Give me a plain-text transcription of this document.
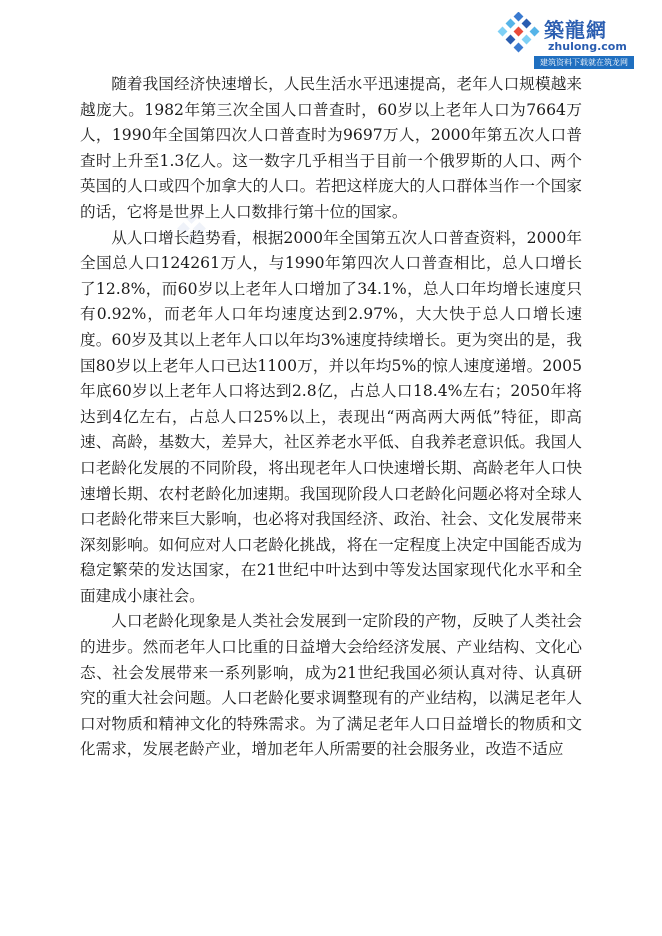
築龍網
zhulong.com
建筑资料下载就在筑龙网

随着我国经济快速增长，人民生活水平迅速提高，老年人口规模越来越庞大。1982年第三次全国人口普查时，60岁以上老年人口为7664万人，1990年全国第四次人口普查时为9697万人，2000年第五次人口普查时上升至1.3亿人。这一数字几乎相当于目前一个俄罗斯的人口、两个英国的人口或四个加拿大的人口。若把这样庞大的人口群体当作一个国家的话，它将是世界上人口数排行第十位的国家。

从人口增长趋势看，根据2000年全国第五次人口普查资料，2000年全国总人口124261万人，与1990年第四次人口普查相比，总人口增长了12.8%，而60岁以上老年人口增加了34.1%，总人口年均增长速度只有0.92%，而老年人口年均速度达到2.97%，大大快于总人口增长速度。60岁及其以上老年人口以年均3%速度持续增长。更为突出的是，我国80岁以上老年人口已达1100万，并以年均5%的惊人速度递增。2005年底60岁以上老年人口将达到2.8亿，占总人口18.4%左右；2050年将达到4亿左右，占总人口25%以上，表现出“两高两大两低”特征，即高速、高龄，基数大，差异大，社区养老水平低、自我养老意识低。我国人口老龄化发展的不同阶段，将出现老年人口快速增长期、高龄老年人口快速增长期、农村老龄化加速期。我国现阶段人口老龄化问题必将对全球人口老龄化带来巨大影响，也必将对我国经济、政治、社会、文化发展带来深刻影响。如何应对人口老龄化挑战，将在一定程度上决定中国能否成为稳定繁荣的发达国家，在21世纪中叶达到中等发达国家现代化水平和全面建成小康社会。

人口老龄化现象是人类社会发展到一定阶段的产物，反映了人类社会的进步。然而老年人口比重的日益增大会给经济发展、产业结构、文化心态、社会发展带来一系列影响，成为21世纪我国必须认真对待、认真研究的重大社会问题。人口老龄化要求调整现有的产业结构，以满足老年人口对物质和精神文化的特殊需求。为了满足老年人口日益增长的物质和文化需求，发展老龄产业，增加老年人所需要的社会服务业，改造不适应
